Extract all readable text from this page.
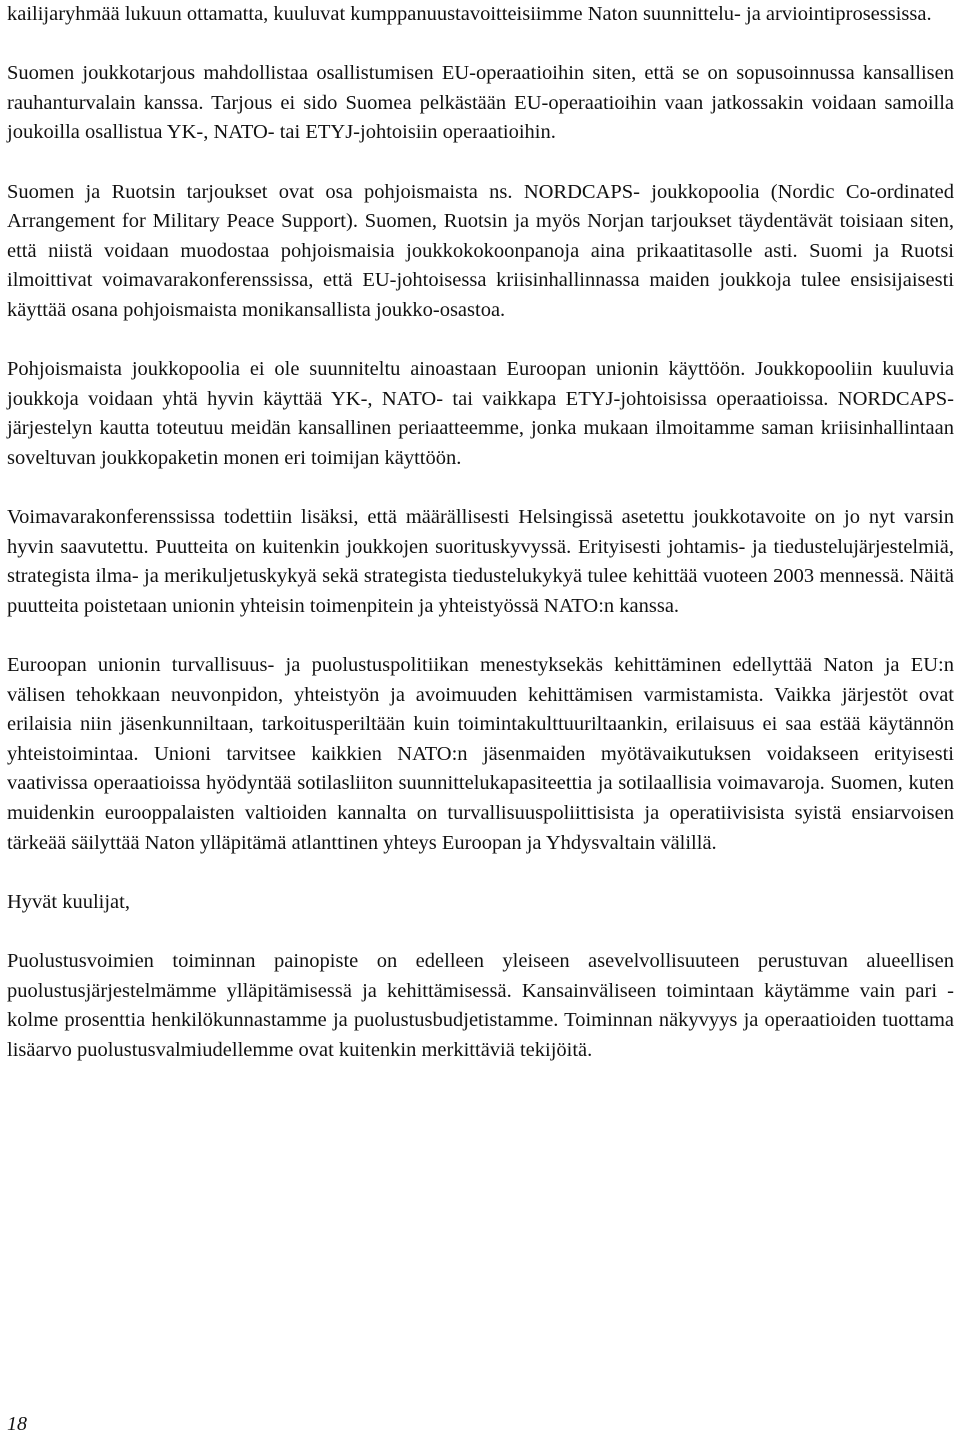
kailijaryhmää lukuun ottamatta, kuuluvat kumppanuustavoitteisiimme Naton suunnittelu- ja arviointiprosessissa.

Suomen joukkotarjous mahdollistaa osallistumisen EU-operaatioihin siten, että se on sopusoinnussa kansallisen rauhanturvalain kanssa. Tarjous ei sido Suomea pelkästään EU-operaatioihin vaan jatkossakin voidaan samoilla joukoilla osallistua YK-, NATO- tai ETYJ-johtoisiin operaatioihin.

Suomen ja Ruotsin tarjoukset ovat osa pohjoismaista ns. NORDCAPS- joukkopoolia (Nordic Co-ordinated Arrangement for Military Peace Support). Suomen, Ruotsin ja myös Norjan tarjoukset täydentävät toisiaan siten, että niistä voidaan muodostaa pohjoismaisia joukkokokoonpanoja aina prikaatitasolle asti. Suomi ja Ruotsi ilmoittivat voimavarakonferenssissa, että EU-johtoisessa kriisinhallinnassa maiden joukkoja tulee ensisijaisesti käyttää osana pohjoismaista monikansallista joukko-osastoa.

Pohjoismaista joukkopoolia ei ole suunniteltu ainoastaan Euroopan unionin käyttöön. Joukkopooliin kuuluvia joukkoja voidaan yhtä hyvin käyttää YK-, NATO- tai vaikkapa ETYJ-johtoisissa operaatioissa. NORDCAPS-järjestelyn kautta toteutuu meidän kansallinen periaatteemme, jonka mukaan ilmoitamme saman kriisinhallintaan soveltuvan joukkopaketin monen eri toimijan käyttöön.

Voimavarakonferenssissa todettiin lisäksi, että määrällisesti Helsingissä asetettu joukkotavoite on jo nyt varsin hyvin saavutettu. Puutteita on kuitenkin joukkojen suorituskyvyssä. Erityisesti johtamis- ja tiedustelujärjestelmiä, strategista ilma- ja merikuljetuskykyä sekä strategista tiedustelukykyä tulee kehittää vuoteen 2003 mennessä. Näitä puutteita poistetaan unionin yhteisin toimenpitein ja yhteistyössä NATO:n kanssa.

Euroopan unionin turvallisuus- ja puolustuspolitiikan menestyksekäs kehittäminen edellyttää Naton ja EU:n välisen tehokkaan neuvonpidon, yhteistyön ja avoimuuden kehittämisen varmistamista. Vaikka järjestöt ovat erilaisia niin jäsenkunniltaan, tarkoitusperiltään kuin toimintakulttuuriltaankin, erilaisuus ei saa estää käytännön yhteistoimintaa. Unioni tarvitsee kaikkien NATO:n jäsenmaiden myötävaikutuksen voidakseen erityisesti vaativissa operaatioissa hyödyntää sotilasliiton suunnittelukapasiteettia ja sotilaallisia voimavaroja. Suomen, kuten muidenkin eurooppalaisten valtioiden kannalta on turvallisuuspoliittisista ja operatiivisista syistä ensiarvoisen tärkeää säilyttää Naton ylläpitämä atlanttinen yhteys Euroopan ja Yhdysvaltain välillä.

Hyvät kuulijat,

Puolustusvoimien toiminnan painopiste on edelleen yleiseen asevelvollisuuteen perustuvan alueellisen puolustusjärjestelmämme ylläpitämisessä ja kehittämisessä. Kansainväliseen toimintaan käytämme vain pari - kolme prosenttia henkilökunnastamme ja puolustusbudjetistamme. Toiminnan näkyvyys ja operaatioiden tuottama lisäarvo puolustusvalmiudellemme ovat kuitenkin merkittäviä tekijöitä.

18
